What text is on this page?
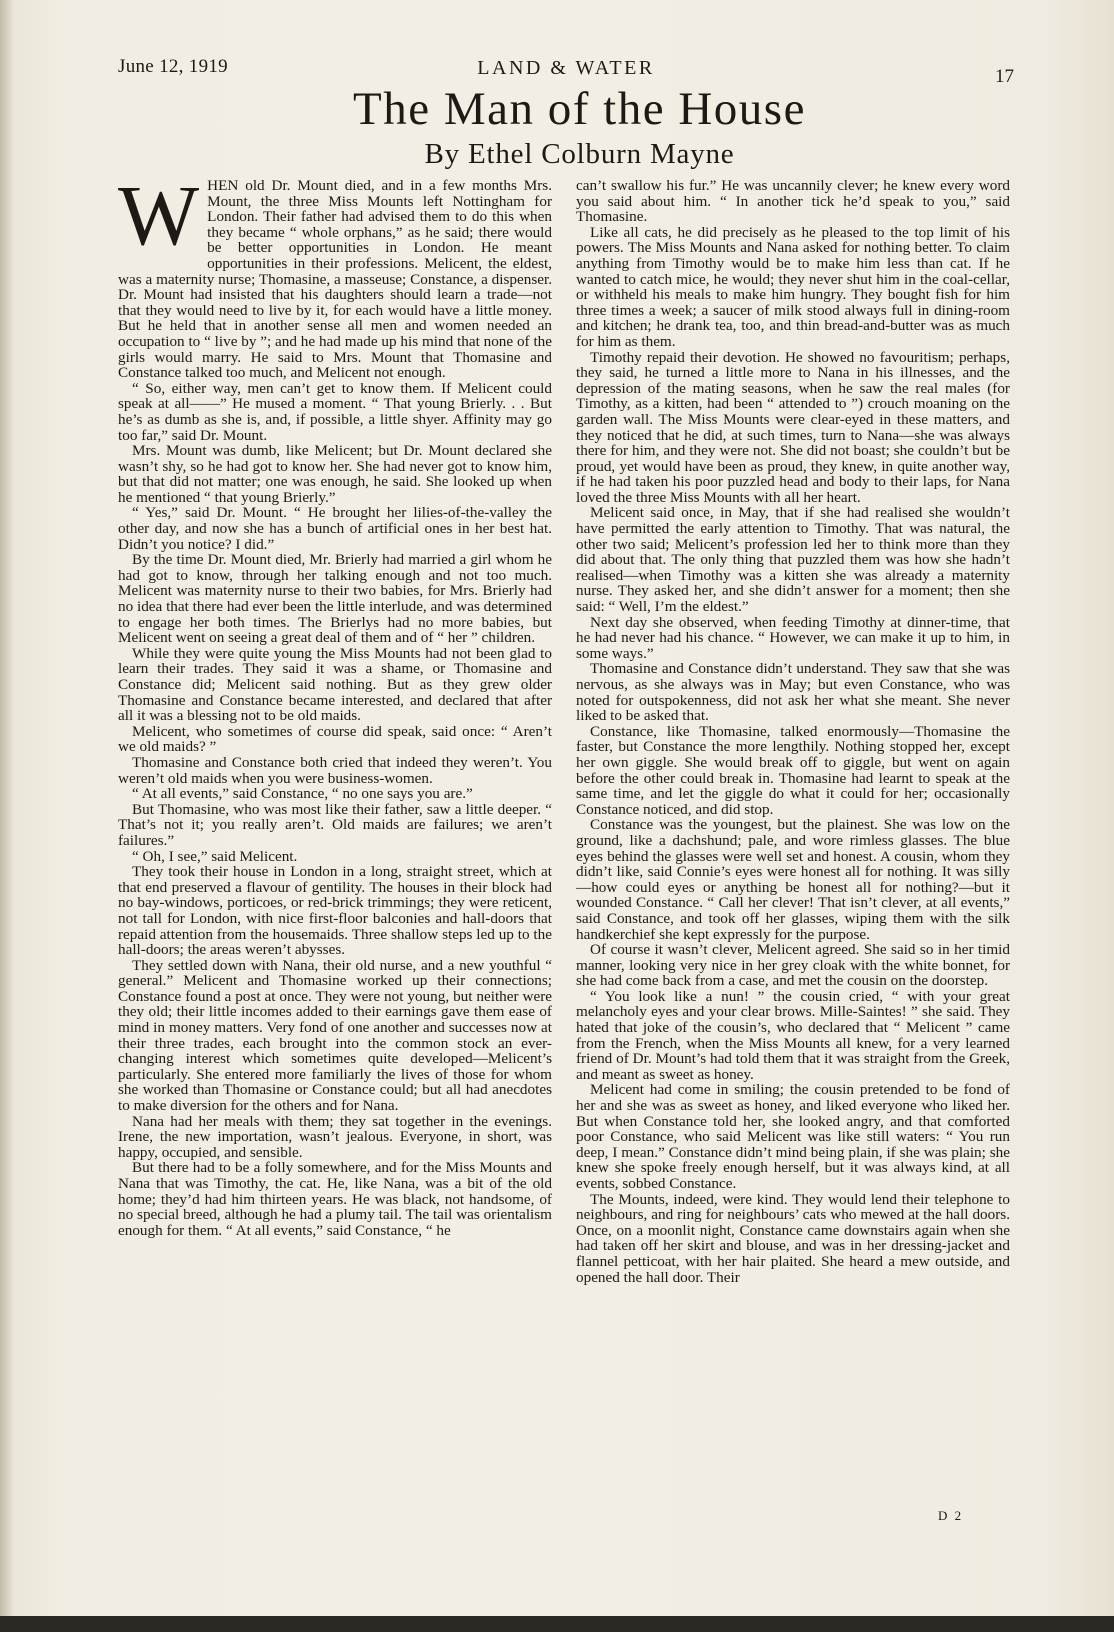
June 12, 1919	LAND & WATER	17
The Man of the House
By Ethel Colburn Mayne

WHEN old Dr. Mount died, and in a few months Mrs. Mount, the three Miss Mounts left Nottingham for London. Their father had advised them to do this when they became “ whole orphans,” as he said; there would be better opportunities in London. He meant opportunities in their professions. Melicent, the eldest, was a maternity nurse; Thomasine, a masseuse; Constance, a dispenser. Dr. Mount had insisted that his daughters should learn a trade—not that they would need to live by it, for each would have a little money. But he held that in another sense all men and women needed an occupation to “ live by ”; and he had made up his mind that none of the girls would marry. He said to Mrs. Mount that Thomasine and Constance talked too much, and Melicent not enough.

“ So, either way, men can’t get to know them. If Melicent could speak at all——” He mused a moment. “ That young Brierly. . . But he’s as dumb as she is, and, if possible, a little shyer. Affinity may go too far,” said Dr. Mount.

Mrs. Mount was dumb, like Melicent; but Dr. Mount declared she wasn’t shy, so he had got to know her. She had never got to know him, but that did not matter; one was enough, he said. She looked up when he mentioned “ that young Brierly.”

“ Yes,” said Dr. Mount. “ He brought her lilies-of-the-valley the other day, and now she has a bunch of artificial ones in her best hat. Didn’t you notice? I did.”

By the time Dr. Mount died, Mr. Brierly had married a girl whom he had got to know, through her talking enough and not too much. Melicent was maternity nurse to their two babies, for Mrs. Brierly had no idea that there had ever been the little interlude, and was determined to engage her both times. The Brierlys had no more babies, but Melicent went on seeing a great deal of them and of “ her ” children.

While they were quite young the Miss Mounts had not been glad to learn their trades. They said it was a shame, or Thomasine and Constance did; Melicent said nothing. But as they grew older Thomasine and Constance became interested, and declared that after all it was a blessing not to be old maids.

Melicent, who sometimes of course did speak, said once: “ Aren’t we old maids? ”

Thomasine and Constance both cried that indeed they weren’t. You weren’t old maids when you were business-women.

“ At all events,” said Constance, “ no one says you are.”

But Thomasine, who was most like their father, saw a little deeper. “ That’s not it; you really aren’t. Old maids are failures; we aren’t failures.”

“ Oh, I see,” said Melicent.

They took their house in London in a long, straight street, which at that end preserved a flavour of gentility. The houses in their block had no bay-windows, porticoes, or red-brick trimmings; they were reticent, not tall for London, with nice first-floor balconies and hall-doors that repaid attention from the housemaids. Three shallow steps led up to the hall-doors; the areas weren’t abysses.

They settled down with Nana, their old nurse, and a new youthful “ general.” Melicent and Thomasine worked up their connections; Constance found a post at once. They were not young, but neither were they old; their little incomes added to their earnings gave them ease of mind in money matters. Very fond of one another and successes now at their three trades, each brought into the common stock an ever-changing interest which sometimes quite developed—Melicent’s particularly. She entered more familiarly the lives of those for whom she worked than Thomasine or Constance could; but all had anecdotes to make diversion for the others and for Nana.

Nana had her meals with them; they sat together in the evenings. Irene, the new importation, wasn’t jealous. Everyone, in short, was happy, occupied, and sensible.

But there had to be a folly somewhere, and for the Miss Mounts and Nana that was Timothy, the cat. He, like Nana, was a bit of the old home; they’d had him thirteen years. He was black, not handsome, of no special breed, although he had a plumy tail. The tail was orientalism enough for them. “ At all events,” said Constance, “ he

can’t swallow his fur.” He was uncannily clever; he knew every word you said about him. “ In another tick he’d speak to you,” said Thomasine.

Like all cats, he did precisely as he pleased to the top limit of his powers. The Miss Mounts and Nana asked for nothing better. To claim anything from Timothy would be to make him less than cat. If he wanted to catch mice, he would; they never shut him in the coal-cellar, or withheld his meals to make him hungry. They bought fish for him three times a week; a saucer of milk stood always full in dining-room and kitchen; he drank tea, too, and thin bread-and-butter was as much for him as them.

Timothy repaid their devotion. He showed no favouritism; perhaps, they said, he turned a little more to Nana in his illnesses, and the depression of the mating seasons, when he saw the real males (for Timothy, as a kitten, had been “ attended to ”) crouch moaning on the garden wall. The Miss Mounts were clear-eyed in these matters, and they noticed that he did, at such times, turn to Nana—she was always there for him, and they were not. She did not boast; she couldn’t but be proud, yet would have been as proud, they knew, in quite another way, if he had taken his poor puzzled head and body to their laps, for Nana loved the three Miss Mounts with all her heart.

Melicent said once, in May, that if she had realised she wouldn’t have permitted the early attention to Timothy. That was natural, the other two said; Melicent’s profession led her to think more than they did about that. The only thing that puzzled them was how she hadn’t realised—when Timothy was a kitten she was already a maternity nurse. They asked her, and she didn’t answer for a moment; then she said: “ Well, I’m the eldest.”

Next day she observed, when feeding Timothy at dinner-time, that he had never had his chance. “ However, we can make it up to him, in some ways.”

Thomasine and Constance didn’t understand. They saw that she was nervous, as she always was in May; but even Constance, who was noted for outspokenness, did not ask her what she meant. She never liked to be asked that.

Constance, like Thomasine, talked enormously—Thomasine the faster, but Constance the more lengthily. Nothing stopped her, except her own giggle. She would break off to giggle, but went on again before the other could break in. Thomasine had learnt to speak at the same time, and let the giggle do what it could for her; occasionally Constance noticed, and did stop.

Constance was the youngest, but the plainest. She was low on the ground, like a dachshund; pale, and wore rimless glasses. The blue eyes behind the glasses were well set and honest. A cousin, whom they didn’t like, said Connie’s eyes were honest all for nothing. It was silly—how could eyes or anything be honest all for nothing?—but it wounded Constance. “ Call her clever! That isn’t clever, at all events,” said Constance, and took off her glasses, wiping them with the silk handkerchief she kept expressly for the purpose.

Of course it wasn’t clever, Melicent agreed. She said so in her timid manner, looking very nice in her grey cloak with the white bonnet, for she had come back from a case, and met the cousin on the doorstep.

“ You look like a nun! ” the cousin cried, “ with your great melancholy eyes and your clear brows. Mille-Saintes! ” she said. They hated that joke of the cousin’s, who declared that “ Melicent ” came from the French, when the Miss Mounts all knew, for a very learned friend of Dr. Mount’s had told them that it was straight from the Greek, and meant as sweet as honey.

Melicent had come in smiling; the cousin pretended to be fond of her and she was as sweet as honey, and liked everyone who liked her. But when Constance told her, she looked angry, and that comforted poor Constance, who said Melicent was like still waters: “ You run deep, I mean.” Constance didn’t mind being plain, if she was plain; she knew she spoke freely enough herself, but it was always kind, at all events, sobbed Constance.

The Mounts, indeed, were kind. They would lend their telephone to neighbours, and ring for neighbours’ cats who mewed at the hall doors. Once, on a moonlit night, Constance came downstairs again when she had taken off her skirt and blouse, and was in her dressing-jacket and flannel petticoat, with her hair plaited. She heard a mew outside, and opened the hall door. Their

D 2
